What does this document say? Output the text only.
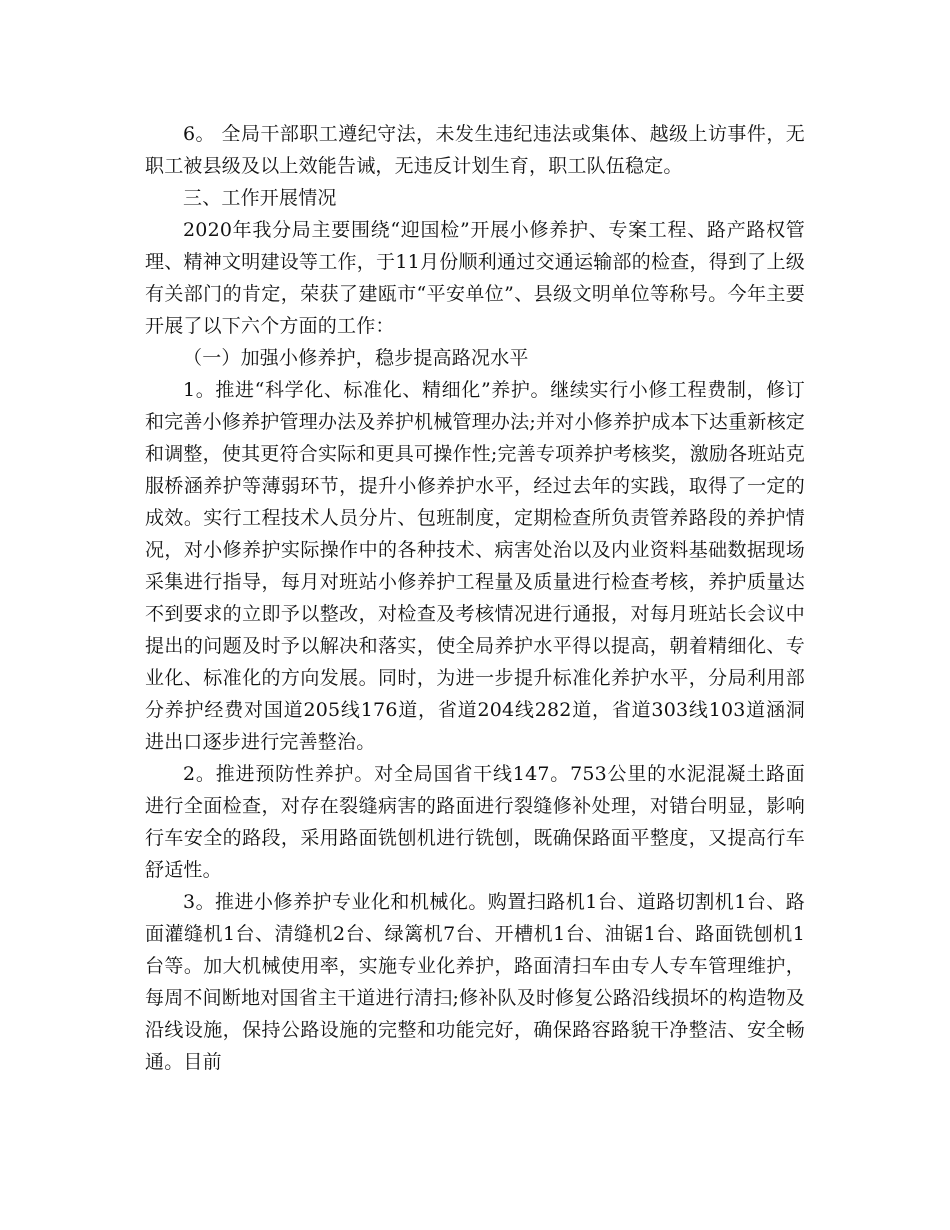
6。 全局干部职工遵纪守法，未发生违纪违法或集体、越级上访事件，无职工被县级及以上效能告诫，无违反计划生育，职工队伍稳定。

三、工作开展情况

2020年我分局主要围绕“迎国检”开展小修养护、专案工程、路产路权管理、精神文明建设等工作，于11月份顺利通过交通运输部的检查，得到了上级有关部门的肯定，荣获了建瓯市“平安单位”、县级文明单位等称号。今年主要开展了以下六个方面的工作：

（一）加强小修养护，稳步提高路况水平

1。推进“科学化、标准化、精细化”养护。继续实行小修工程费制，修订和完善小修养护管理办法及养护机械管理办法;并对小修养护成本下达重新核定和调整，使其更符合实际和更具可操作性;完善专项养护考核奖，激励各班站克服桥涵养护等薄弱环节，提升小修养护水平，经过去年的实践，取得了一定的成效。实行工程技术人员分片、包班制度，定期检查所负责管养路段的养护情况，对小修养护实际操作中的各种技术、病害处治以及内业资料基础数据现场采集进行指导，每月对班站小修养护工程量及质量进行检查考核，养护质量达不到要求的立即予以整改，对检查及考核情况进行通报，对每月班站长会议中提出的问题及时予以解决和落实，使全局养护水平得以提高，朝着精细化、专业化、标准化的方向发展。同时，为进一步提升标准化养护水平，分局利用部分养护经费对国道205线176道，省道204线282道，省道303线103道涵洞进出口逐步进行完善整治。

2。推进预防性养护。对全局国省干线147。753公里的水泥混凝土路面进行全面检查，对存在裂缝病害的路面进行裂缝修补处理，对错台明显，影响行车安全的路段，采用路面铣刨机进行铣刨，既确保路面平整度，又提高行车舒适性。

3。推进小修养护专业化和机械化。购置扫路机1台、道路切割机1台、路面灌缝机1台、清缝机2台、绿篱机7台、开槽机1台、油锯1台、路面铣刨机1台等。加大机械使用率，实施专业化养护，路面清扫车由专人专车管理维护，每周不间断地对国省主干道进行清扫;修补队及时修复公路沿线损坏的构造物及沿线设施，保持公路设施的完整和功能完好，确保路容路貌干净整洁、安全畅通。目前
